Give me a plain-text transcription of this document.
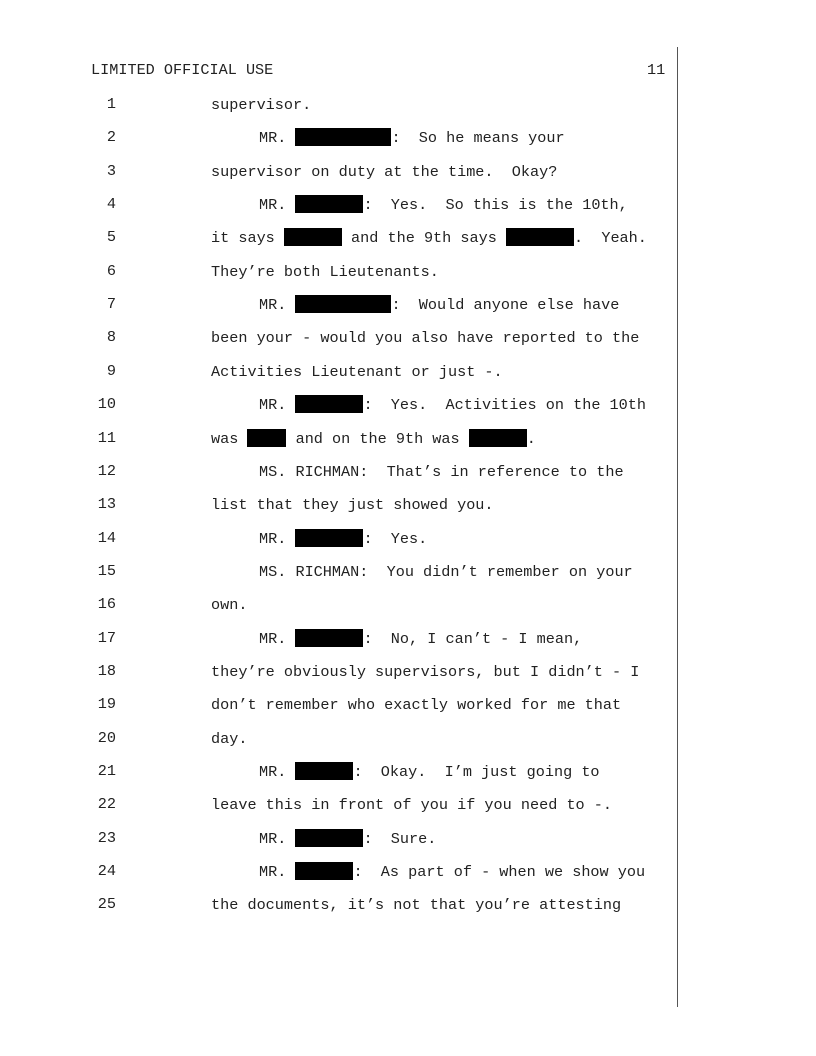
LIMITED OFFICIAL USE	11
1	supervisor.
2	MR.	:  So he means your
3	supervisor on duty at the time.  Okay?
4	MR.	:  Yes.  So this is the 10th,
5	it says	and the 9th says	.  Yeah.
6	They’re both Lieutenants.
7	MR.	:  Would anyone else have
8	been your - would you also have reported to the
9	Activities Lieutenant or just -.
10	MR.	:  Yes.  Activities on the 10th
11	was	and on the 9th was	.
12	MS. RICHMAN:  That’s in reference to the
13	list that they just showed you.
14	MR.	:  Yes.
15	MS. RICHMAN:  You didn’t remember on your
16	own.
17	MR.	:  No, I can’t - I mean,
18	they’re obviously supervisors, but I didn’t - I
19	don’t remember who exactly worked for me that
20	day.
21	MR.	:  Okay.  I’m just going to
22	leave this in front of you if you need to -.
23	MR.	:  Sure.
24	MR.	:  As part of - when we show you
25	the documents, it’s not that you’re attesting
